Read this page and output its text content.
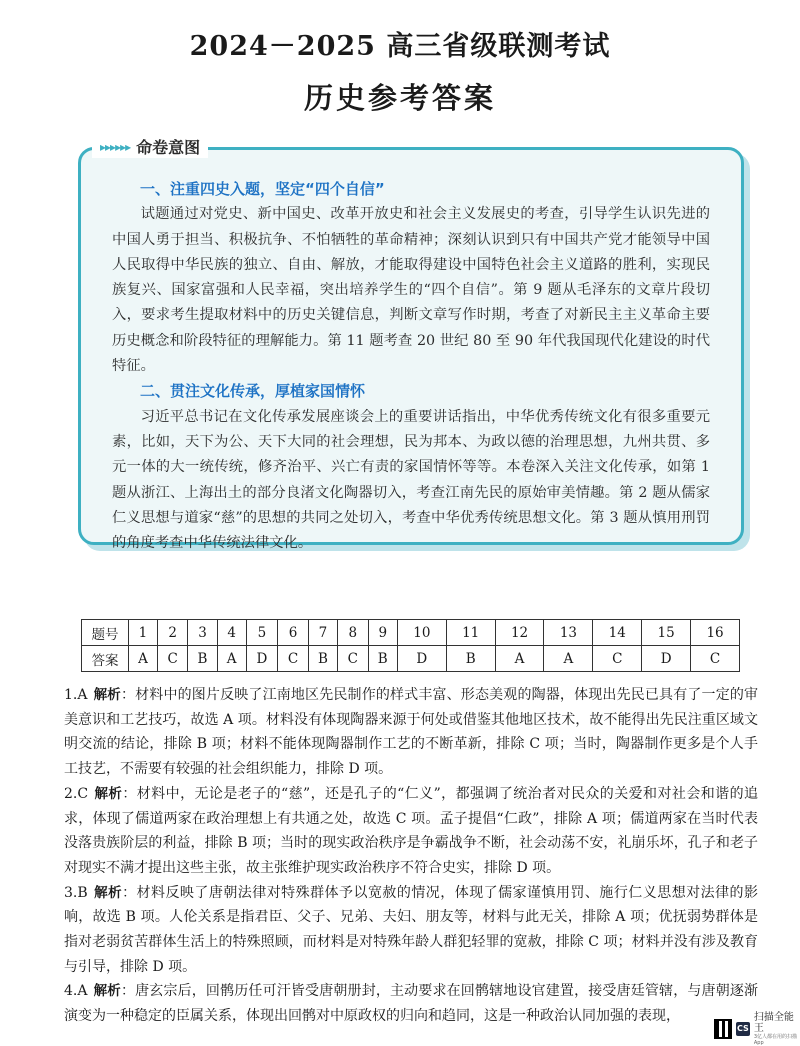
2024－2025 高三省级联测考试
历史参考答案
▸▸▸▸▸▸ 命卷意图
一、注重四史入题，坚定“四个自信”

试题通过对党史、新中国史、改革开放史和社会主义发展史的考查，引导学生认识先进的中国人勇于担当、积极抗争、不怕牺牲的革命精神；深刻认识到只有中国共产党才能领导中国人民取得中华民族的独立、自由、解放，才能取得建设中国特色社会主义道路的胜利，实现民族复兴、国家富强和人民幸福，突出培养学生的“四个自信”。第 9 题从毛泽东的文章片段切入，要求考生提取材料中的历史关键信息，判断文章写作时期，考查了对新民主主义革命主要历史概念和阶段特征的理解能力。第 11 题考查 20 世纪 80 至 90 年代我国现代化建设的时代特征。

二、贯注文化传承，厚植家国情怀

习近平总书记在文化传承发展座谈会上的重要讲话指出，中华优秀传统文化有很多重要元素，比如，天下为公、天下大同的社会理想，民为邦本、为政以德的治理思想，九州共贯、多元一体的大一统传统，修齐治平、兴亡有责的家国情怀等等。本卷深入关注文化传承，如第 1 题从浙江、上海出土的部分良渚文化陶器切入，考查江南先民的原始审美情趣。第 2 题从儒家仁义思想与道家“慈”的思想的共同之处切入，考查中华优秀传统思想文化。第 3 题从慎用刑罚的角度考查中华传统法律文化。

题号	1	2	3	4	5	6	7	8	9	10	11	12	13	14	15	16
答案	A	C	B	A	D	C	B	C	B	D	B	A	A	C	D	C

1.A 解析：材料中的图片反映了江南地区先民制作的样式丰富、形态美观的陶器，体现出先民已具有了一定的审美意识和工艺技巧，故选 A 项。材料没有体现陶器来源于何处或借鉴其他地区技术，故不能得出先民注重区域文明交流的结论，排除 B 项；材料不能体现陶器制作工艺的不断革新，排除 C 项；当时，陶器制作更多是个人手工技艺，不需要有较强的社会组织能力，排除 D 项。

2.C 解析：材料中，无论是老子的“慈”，还是孔子的“仁义”，都强调了统治者对民众的关爱和对社会和谐的追求，体现了儒道两家在政治理想上有共通之处，故选 C 项。孟子提倡“仁政”，排除 A 项；儒道两家在当时代表没落贵族阶层的利益，排除 B 项；当时的现实政治秩序是争霸战争不断，社会动荡不安，礼崩乐坏，孔子和老子对现实不满才提出这些主张，故主张维护现实政治秩序不符合史实，排除 D 项。

3.B 解析：材料反映了唐朝法律对特殊群体予以宽赦的情况，体现了儒家谨慎用罚、施行仁义思想对法律的影响，故选 B 项。人伦关系是指君臣、父子、兄弟、夫妇、朋友等，材料与此无关，排除 A 项；优抚弱势群体是指对老弱贫苦群体生活上的特殊照顾，而材料是对特殊年龄人群犯轻罪的宽赦，排除 C 项；材料并没有涉及教育与引导，排除 D 项。

4.A 解析：唐玄宗后，回鹘历任可汗皆受唐朝册封，主动要求在回鹘辖地设官建置，接受唐廷管辖，与唐朝逐渐演变为一种稳定的臣属关系，体现出回鹘对中原政权的归向和趋同，这是一种政治认同加强的表现，

CS
扫描全能王
3亿人都在用的扫描App
